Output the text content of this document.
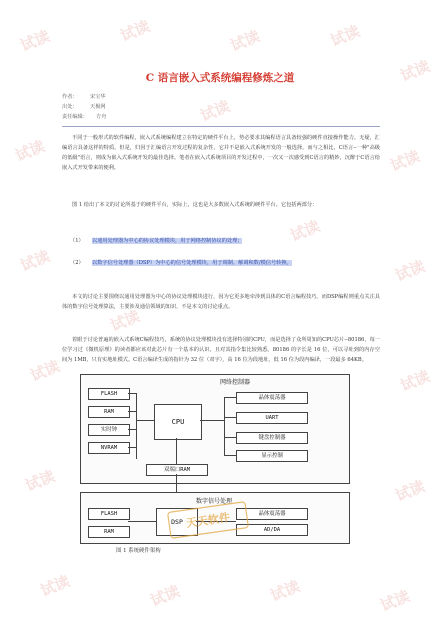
试读	试读	试读	试读
试读
试读	试读
试读	试读
试读	试读
试读	试读
试读	试读	试读	试读
试读
试读
试读
C 语言嵌入式系统编程修炼之道
作者： 宋宝华
出处： 天极网
责任编辑： 方舟
不同于一般形式的软件编程，嵌入式系统编程建立在特定的硬件平台上，势必要求其编程语言具备较强的硬件直接操作能力。无疑，汇编语言具备这样的特质。但是，归因于汇编语言开发过程的复杂性，它并不是嵌入式系统开发的一般选择。而与之相比，C语言--一种"高级的低级"语言，则成为嵌入式系统开发的最佳选择。笔者在嵌入式系统项目的开发过程中，一次又一次感受到C语言的精妙，沉醉于C语言给嵌入式开发带来的便利。
图 1 给出了本文的讨论所基于的硬件平台，实际上，这也是大多数嵌入式系统的硬件平台。它包括两部分：
（1） 以通用处理器为中心的协议处理模块，用于网络控制协议的处理；
（2） 以数字信号处理器（DSP）为中心的信号处理模块，用于调制、解调和数/模信号转换。
本文的讨论主要围绕以通用处理器为中心的协议处理模块进行，因为它更多地牵涉到具体的C语言编程技巧。而DSP编程则重点关注具体的数字信号处理算法，主要涉及通信领域的知识，不是本文的讨论重点。
着眼于讨论普遍的嵌入式系统C编程技巧，系统的协议处理模块没有选择特别的CPU，而是选择了众所周知的CPU芯片--80186，每一位学习过《微机原理》的读者都应该对此芯片有一个基本的认识，且对其指令集比较熟悉。80186 的字长是 16 位，可以寻址到的内存空间为 1MB，只有实地址模式。C语言编译生成的指针为 32 位（双字），高 16 位为段地址，低 16 位为段内编译，一段最多 64KB。
网络控制器
FLASH
RAM
实时钟
NVRAM
CPU
双端口RAM
晶体震荡器
UART
键盘控制器
显示控制
数字信号处理
FLASH
RAM
DSP
晶体震荡器
AD/DA
天天软件
图 1 系统硬件架构
